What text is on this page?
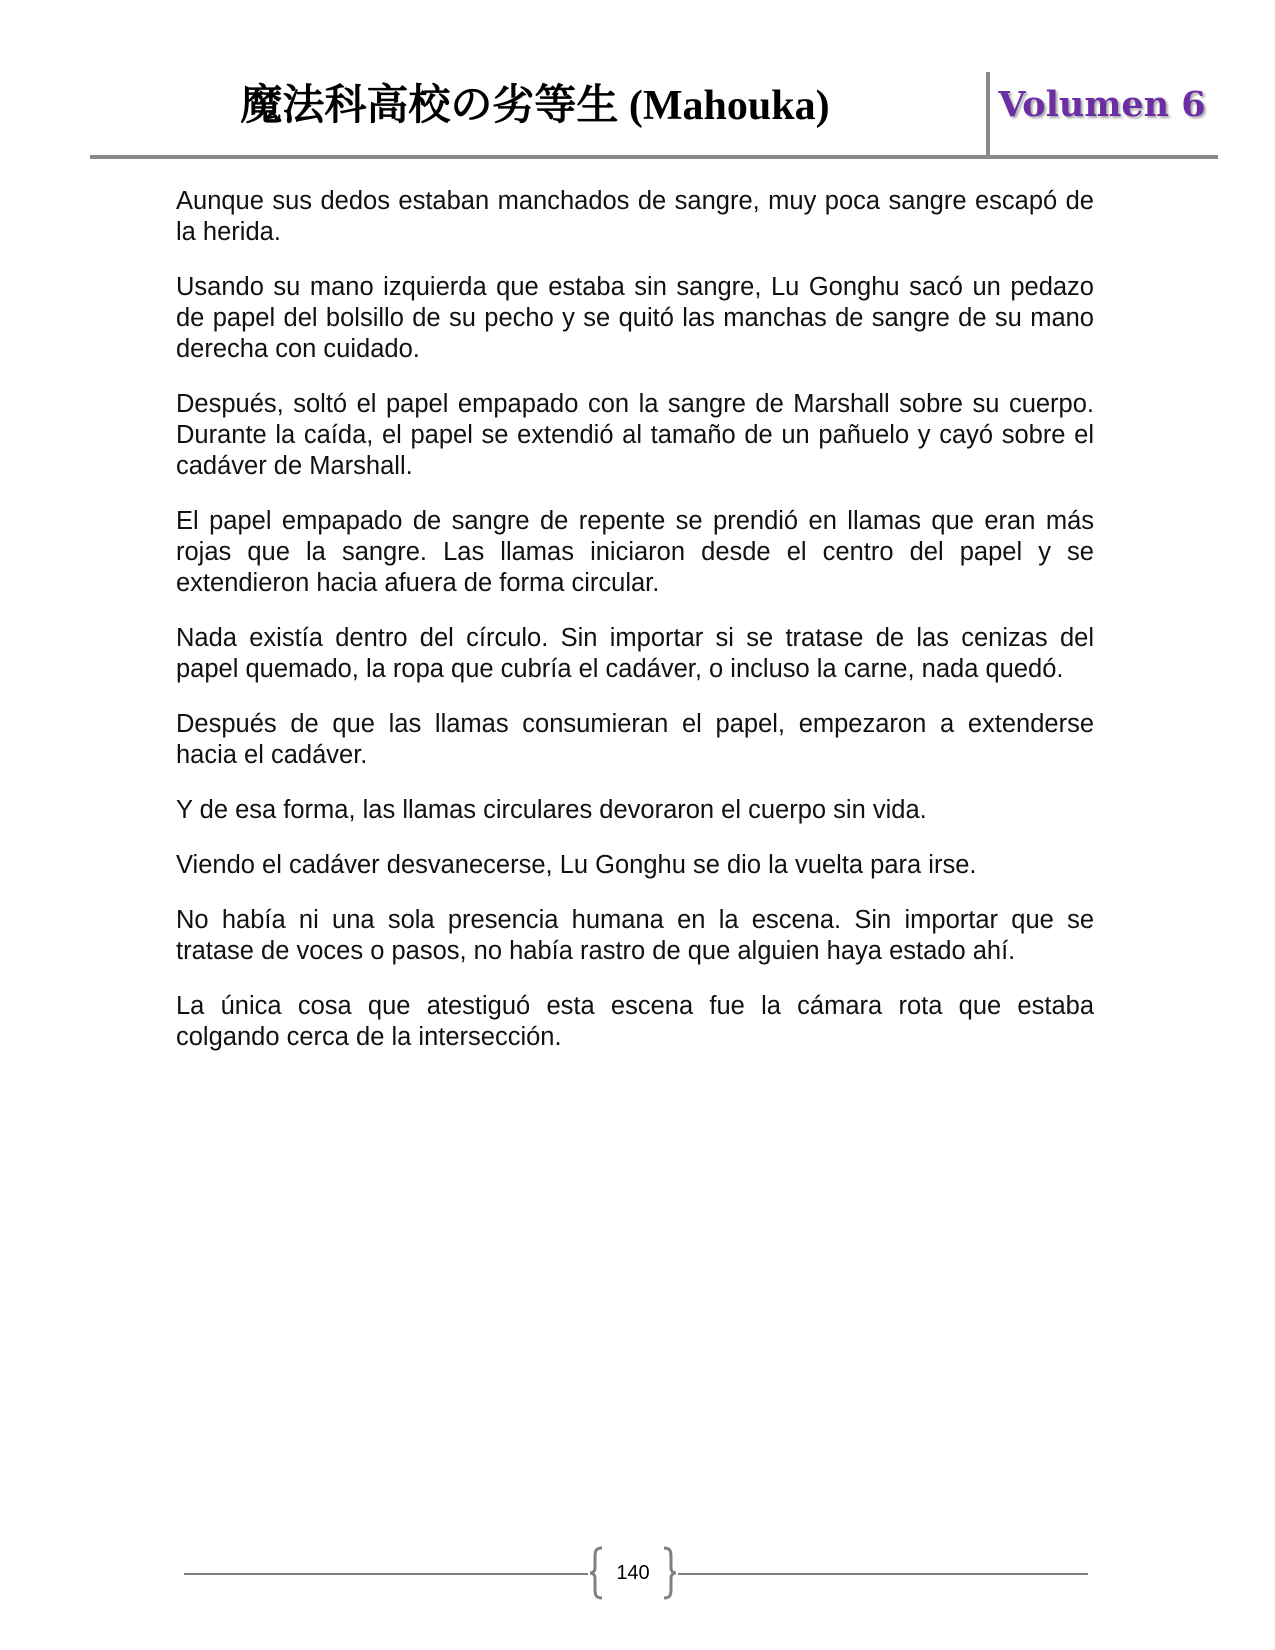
魔法科高校の劣等生 (Mahouka)	Volumen 6

Aunque sus dedos estaban manchados de sangre, muy poca sangre escapó de la herida.

Usando su mano izquierda que estaba sin sangre, Lu Gonghu sacó un pedazo de papel del bolsillo de su pecho y se quitó las manchas de sangre de su mano derecha con cuidado.

Después, soltó el papel empapado con la sangre de Marshall sobre su cuerpo. Durante la caída, el papel se extendió al tamaño de un pañuelo y cayó sobre el cadáver de Marshall.

El papel empapado de sangre de repente se prendió en llamas que eran más rojas que la sangre. Las llamas iniciaron desde el centro del papel y se extendieron hacia afuera de forma circular.

Nada existía dentro del círculo. Sin importar si se tratase de las cenizas del papel quemado, la ropa que cubría el cadáver, o incluso la carne, nada quedó.

Después de que las llamas consumieran el papel, empezaron a extenderse hacia el cadáver.

Y de esa forma, las llamas circulares devoraron el cuerpo sin vida.

Viendo el cadáver desvanecerse, Lu Gonghu se dio la vuelta para irse.

No había ni una sola presencia humana en la escena. Sin importar que se tratase de voces o pasos, no había rastro de que alguien haya estado ahí.

La única cosa que atestiguó esta escena fue la cámara rota que estaba colgando cerca de la intersección.

140
